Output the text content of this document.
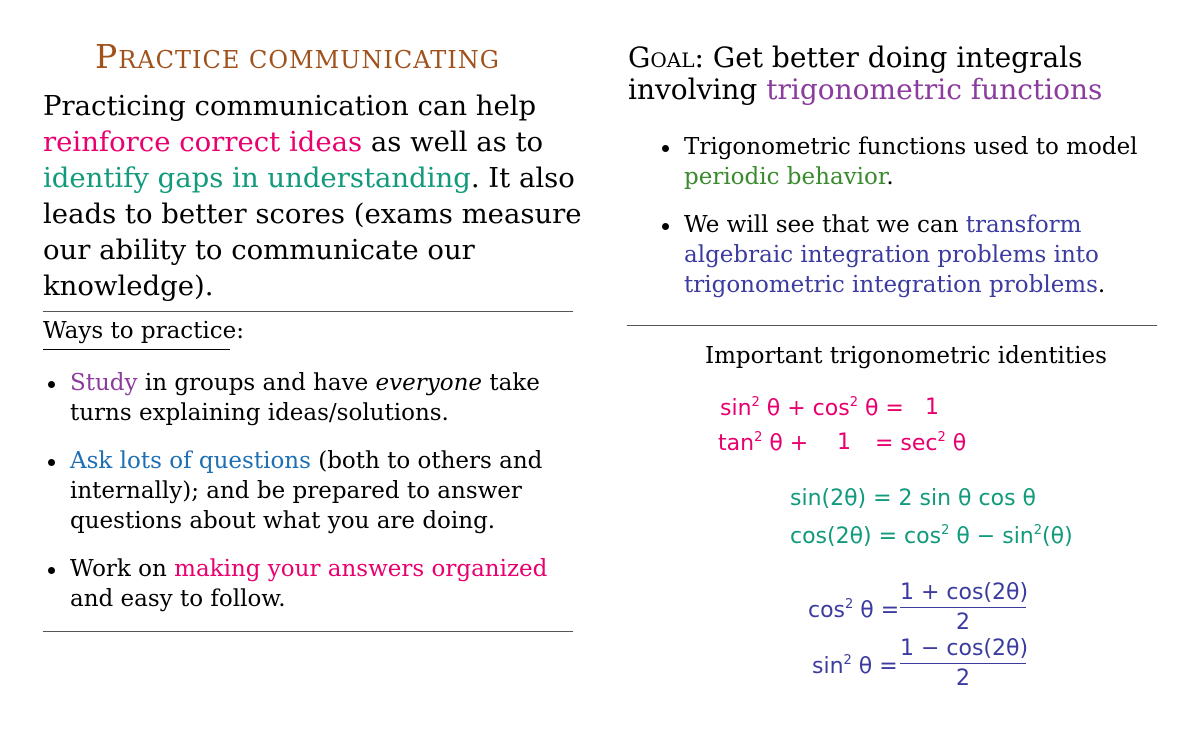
PRACTICE COMMUNICATING
Practicing communication can help
reinforce correct ideas as well as to
identify gaps in understanding. It also leads to better scores (exams measure our ability to communicate our knowledge).
Ways to practice:
Study in groups and have everyone take turns explaining ideas/solutions.
Ask lots of questions (both to others and internally); and be prepared to answer questions about what you are doing.
Work on making your answers organized and easy to follow.
GOAL: Get better doing integrals
involving trigonometric functions
Trigonometric functions used to model
periodic behavior.
We will see that we can transform algebraic integration problems into trigonometric integration problems.
Important trigonometric identities
$\sin^2 \theta + \cos^2 \theta = 1$
$\tan^2 \theta + 1 = \sec^2 \theta$
sin(2θ) = 2 sin θ cos θ
$\cos(2\theta) = \cos^2 \theta - \sin^2(\theta)$
$\cos^2 \theta$ =
1 + cos(2θ)
2
$\sin^2 \theta$ =
1 − cos(2θ)
2
